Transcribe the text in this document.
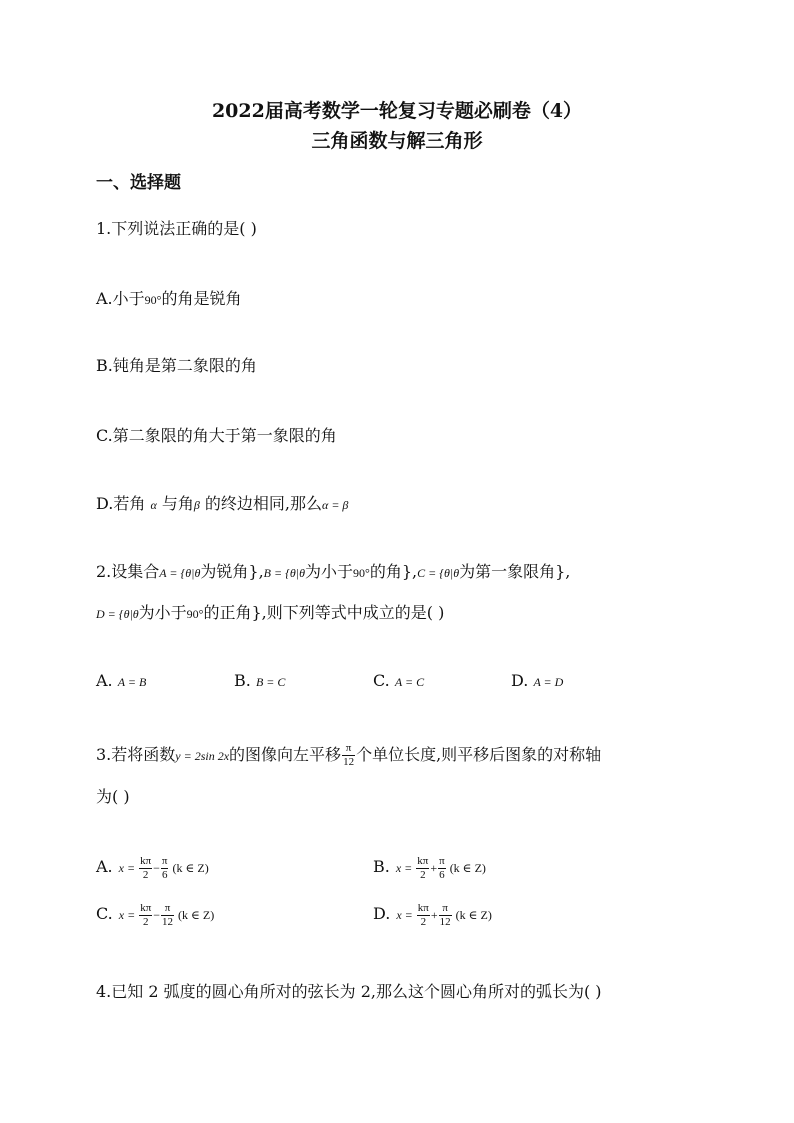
2022届高考数学一轮复习专题必刷卷（4）
三角函数与解三角形
一、选择题
1.下列说法正确的是( )
A.小于90°的角是锐角
B.钝角是第二象限的角
C.第二象限的角大于第一象限的角
D.若角 α 与角β 的终边相同,那么α = β
2.设集合A = {θ|θ为锐角},B = {θ|θ为小于90°的角},C = {θ|θ为第一象限角},
D = {θ|θ为小于90°的正角},则下列等式中成立的是( )
A. A = B	B. B = C	C. A = C	D. A = D
3.若将函数y = 2sin 2x的图像向左平移 $\frac{\pi}{12}$ 个单位长度,则平移后图象的对称轴
为( )
A. $x = \frac{k\pi}{2} - \frac{\pi}{6} (k$ ∈ Z)	B. $x = \frac{k\pi}{2} + \frac{\pi}{6} (k$ ∈ Z)
C. $x = \frac{k\pi}{2} - \frac{\pi}{12} (k$ ∈ Z)	D. $x = \frac{k\pi}{2} + \frac{\pi}{12} (k$ ∈ Z)
4.已知 2 弧度的圆心角所对的弦长为 2,那么这个圆心角所对的弧长为( )
